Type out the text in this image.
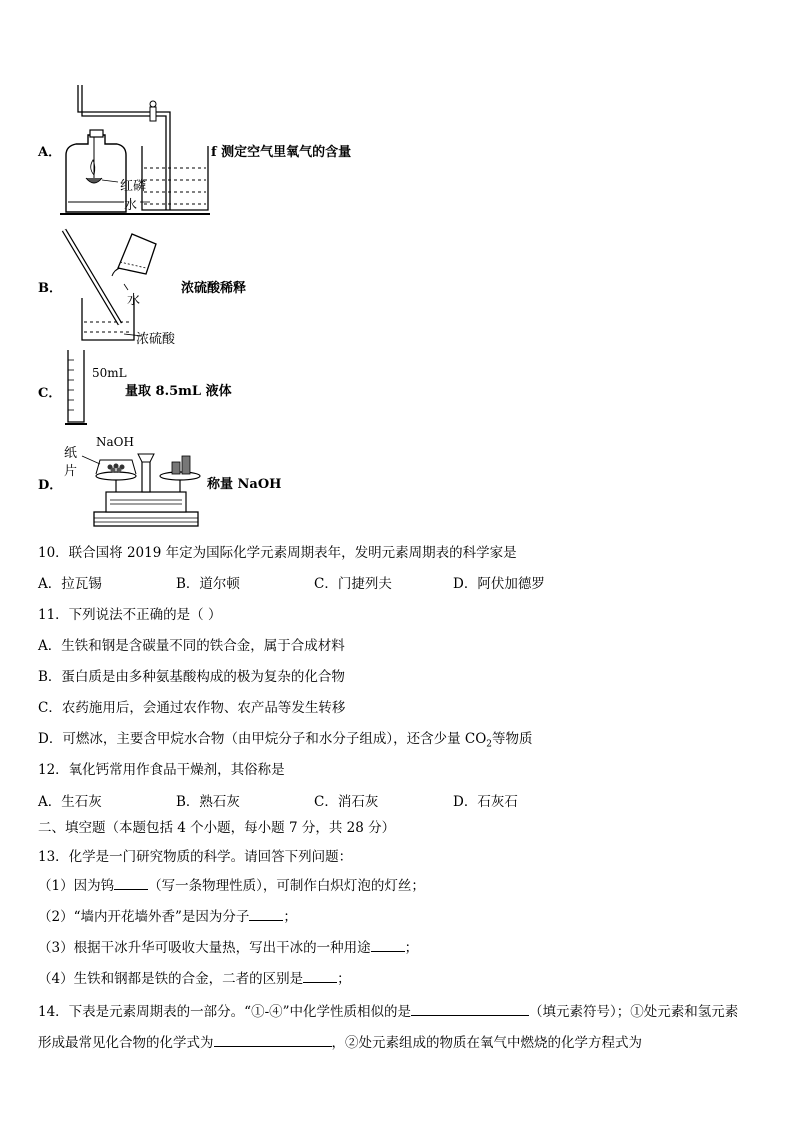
A．
红磷
水
f 测定空气里氧气的含量
B．
水
浓硫酸
浓硫酸稀释
C．
50mL
量取 8.5mL 液体
D．
纸
片
NaOH
称量 NaOH
10．联合国将 2019 年定为国际化学元素周期表年，发明元素周期表的科学家是
A．拉瓦锡	B．道尔顿	C．门捷列夫	D．阿伏加德罗
11．下列说法不正确的是（ ）
A．生铁和钢是含碳量不同的铁合金，属于合成材料
B．蛋白质是由多种氨基酸构成的极为复杂的化合物
C．农药施用后，会通过农作物、农产品等发生转移
D．可燃冰，主要含甲烷水合物（由甲烷分子和水分子组成），还含少量 $CO_2$等物质
12．氧化钙常用作食品干燥剂，其俗称是
A．生石灰	B．熟石灰	C．消石灰	D．石灰石
二、填空题（本题包括 4 个小题，每小题 7 分，共 28 分）
13．化学是一门研究物质的科学。请回答下列问题：
（1）因为钨	（写一条物理性质），可制作白炽灯泡的灯丝；
（2）“墙内开花墙外香”是因为分子	；
（3）根据干冰升华可吸收大量热，写出干冰的一种用途	；
（4）生铁和钢都是铁的合金，二者的区别是	；
14．下表是元素周期表的一部分。“①-④”中化学性质相似的是	（填元素符号）；①处元素和氢元素
形成最常见化合物的化学式为	，②处元素组成的物质在氧气中燃烧的化学方程式为
